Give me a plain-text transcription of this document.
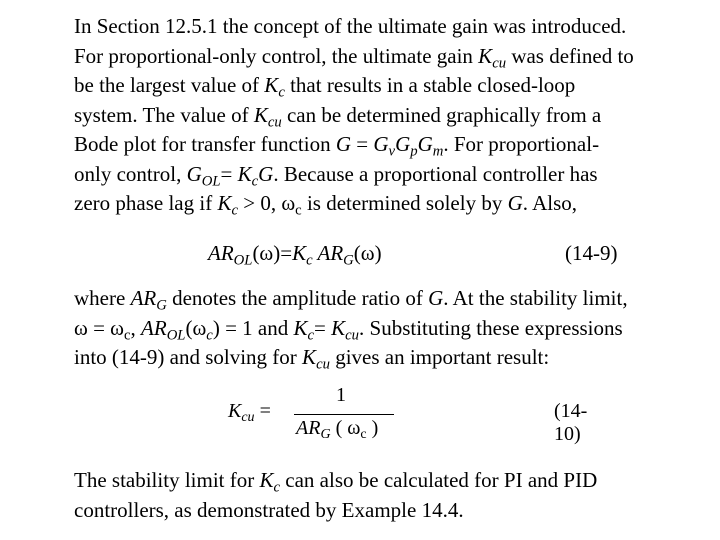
In Section 12.5.1 the concept of the ultimate gain was introduced.
For proportional-only control, the ultimate gain $K_{cu}$ was defined to
be the largest value of $K_c$ that results in a stable closed-loop
system. The value of $K_{cu}$ can be determined graphically from a
Bode plot for transfer function $G = G_vG_pG_m$. For proportional-
only control, $G_{OL}= K_cG$. Because a proportional controller has
zero phase lag if $K_c > 0$, $\omega_c$ is determined solely by G. Also,
$AR_{OL}(\omega)=K_c$ $AR_G(\omega)$	(14-9)
where $AR_G$ denotes the amplitude ratio of G. At the stability limit,
$\omega = \omega_c$, $AR_{OL}(\omega_c) = 1$ and $K_c= K_{cu}$. Substituting these expressions
into (14-9) and solving for $K_{cu}$ gives an important result:
$K_{cu}$ =
1
$AR_G$ ( $\omega_c$ )
(14-10)
The stability limit for $K_c$ can also be calculated for PI and PID
controllers, as demonstrated by Example 14.4.
